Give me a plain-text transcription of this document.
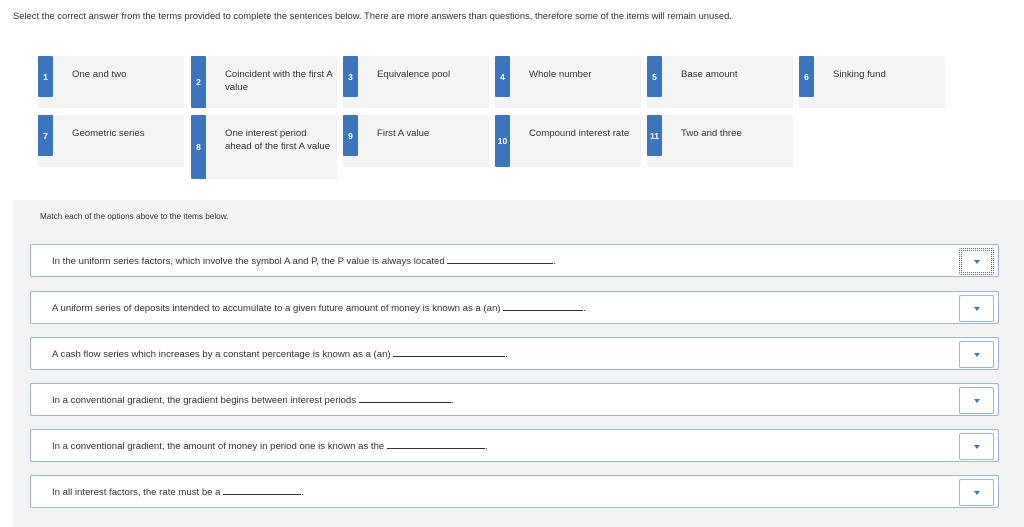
Select the correct answer from the terms provided to complete the sentences below. There are more answers than questions, therefore some of the items will remain unused.
1	One and two
2
Coincident with the first A value
3	Equivalence pool	4	Whole number	5	Base amount	6	Sinking fund
7	Geometric series
8
One interest period ahead of the first A value
9	First A value
10
Compound interest rate	11	Two and three
Match each of the options above to the items below.
In the uniform series factors, which involve the symbol A and P, the P value is always located	.
A uniform series of deposits intended to accumulate to a given future amount of money is known as a (an)	.
A cash flow series which increases by a constant percentage is known as a (an)	.
In a conventional gradient, the gradient begins between interest periods	.
In a conventional gradient, the amount of money in period one is known as the	.
In all interest factors, the rate must be a	.
